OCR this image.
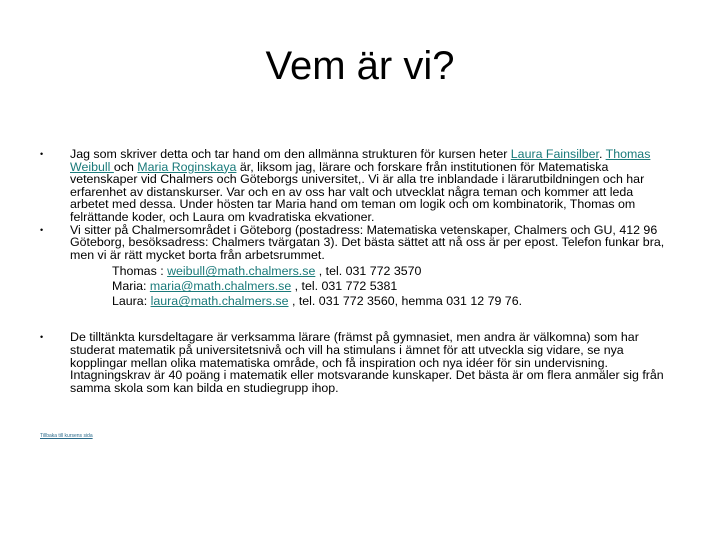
Vem är vi?
• Jag som skriver detta och tar hand om den allmänna strukturen för kursen heter Laura Fainsilber. Thomas Weibull och Maria Roginskaya är, liksom jag, lärare och forskare från institutionen för Matematiska vetenskaper vid Chalmers och Göteborgs universitet,. Vi är alla tre inblandade i lärarutbildningen och har erfarenhet av distanskurser. Var och en av oss har valt och utvecklat några teman och kommer att leda arbetet med dessa. Under hösten tar Maria hand om teman om logik och om kombinatorik, Thomas om felrättande koder, och Laura om kvadratiska ekvationer.
• Vi sitter på Chalmersområdet i Göteborg (postadress: Matematiska vetenskaper, Chalmers och GU, 412 96 Göteborg, besöksadress: Chalmers tvärgatan 3). Det bästa sättet att nå oss är per epost. Telefon funkar bra, men vi är rätt mycket borta från arbetsrummet.
Thomas : weibull@math.chalmers.se , tel. 031 772 3570
Maria: maria@math.chalmers.se , tel. 031 772 5381
Laura: laura@math.chalmers.se , tel. 031 772 3560, hemma 031 12 79 76.
• De tilltänkta kursdeltagare är verksamma lärare (främst på gymnasiet, men andra är välkomna) som har studerat matematik på universitetsnivå och vill ha stimulans i ämnet för att utveckla sig vidare, se nya kopplingar mellan olika matematiska område, och få inspiration och nya idéer för sin undervisning. Intagningskrav är 40 poäng i matematik eller motsvarande kunskaper. Det bästa är om flera anmäler sig från samma skola som kan bilda en studiegrupp ihop.
Tillbaka till kursens sida
